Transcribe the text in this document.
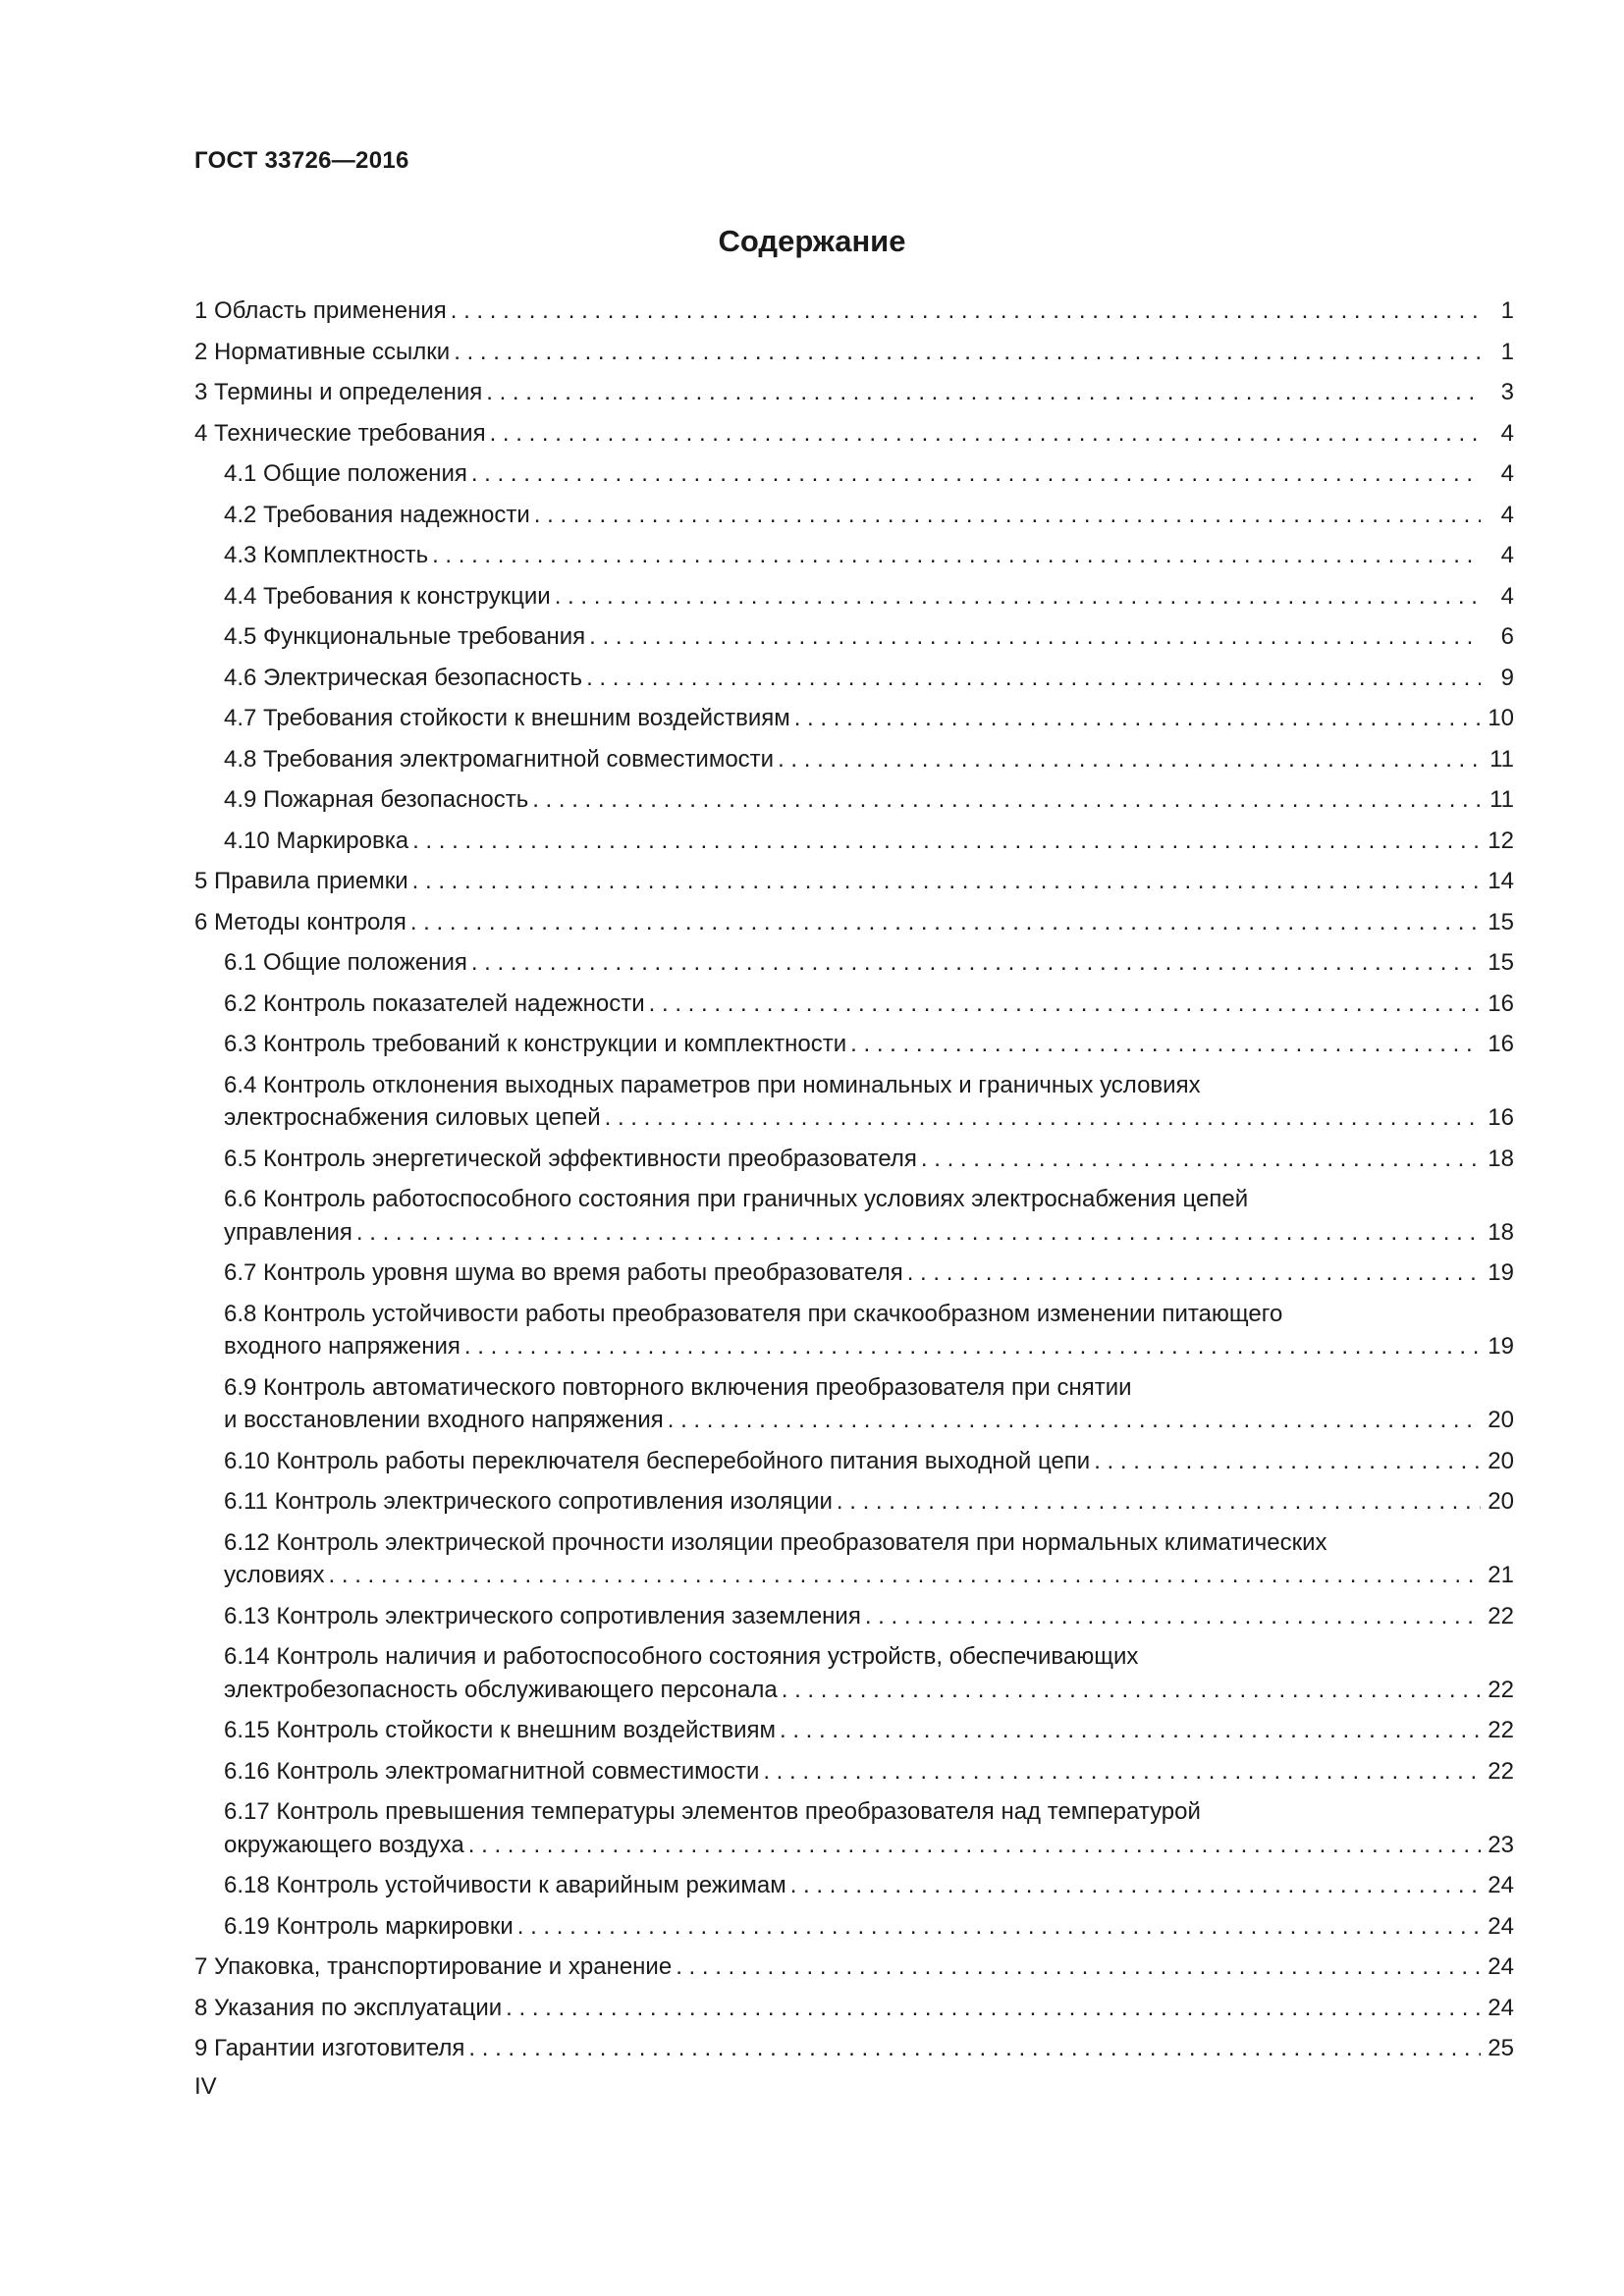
ГОСТ 33726—2016
Содержание
1 Область применения . . .	1
2 Нормативные ссылки . . .	1
3 Термины и определения . . .	3
4 Технические требования . . .	4
4.1 Общие положения . . .	4
4.2 Требования надежности . . .	4
4.3 Комплектность . . .	4
4.4 Требования к конструкции . . .	4
4.5 Функциональные требования . . .	6
4.6 Электрическая безопасность . . .	9
4.7 Требования стойкости к внешним воздействиям . . .	10
4.8 Требования электромагнитной совместимости . . .	11
4.9 Пожарная безопасность . . .	11
4.10 Маркировка . . .	12
5 Правила приемки . . .	14
6 Методы контроля . . .	15
6.1 Общие положения . . .	15
6.2 Контроль показателей надежности . . .	16
6.3 Контроль требований к конструкции и комплектности . . .	16
6.4 Контроль отклонения выходных параметров при номинальных и граничных условиях
электроснабжения силовых цепей . . .	16
6.5 Контроль энергетической эффективности преобразователя . . .	18
6.6 Контроль работоспособного состояния при граничных условиях электроснабжения цепей
управления . . .	18
6.7 Контроль уровня шума во время работы преобразователя . . .	19
6.8 Контроль устойчивости работы преобразователя при скачкообразном изменении питающего
входного напряжения . . .	19
6.9 Контроль автоматического повторного включения преобразователя при снятии
и восстановлении входного напряжения . . .	20
6.10 Контроль работы переключателя бесперебойного питания выходной цепи . . .	20
6.11 Контроль электрического сопротивления изоляции . . .	20
6.12 Контроль электрической прочности изоляции преобразователя при нормальных климатических
условиях . . .	21
6.13 Контроль электрического сопротивления заземления . . .	22
6.14 Контроль наличия и работоспособного состояния устройств, обеспечивающих
электробезопасность обслуживающего персонала . . .	22
6.15 Контроль стойкости к внешним воздействиям . . .	22
6.16 Контроль электромагнитной совместимости . . .	22
6.17 Контроль превышения температуры элементов преобразователя над температурой
окружающего воздуха . . .	23
6.18 Контроль устойчивости к аварийным режимам . . .	24
6.19 Контроль маркировки . . .	24
7 Упаковка, транспортирование и хранение . . .	24
8 Указания по эксплуатации . . .	24
9 Гарантии изготовителя . . .	25
IV
